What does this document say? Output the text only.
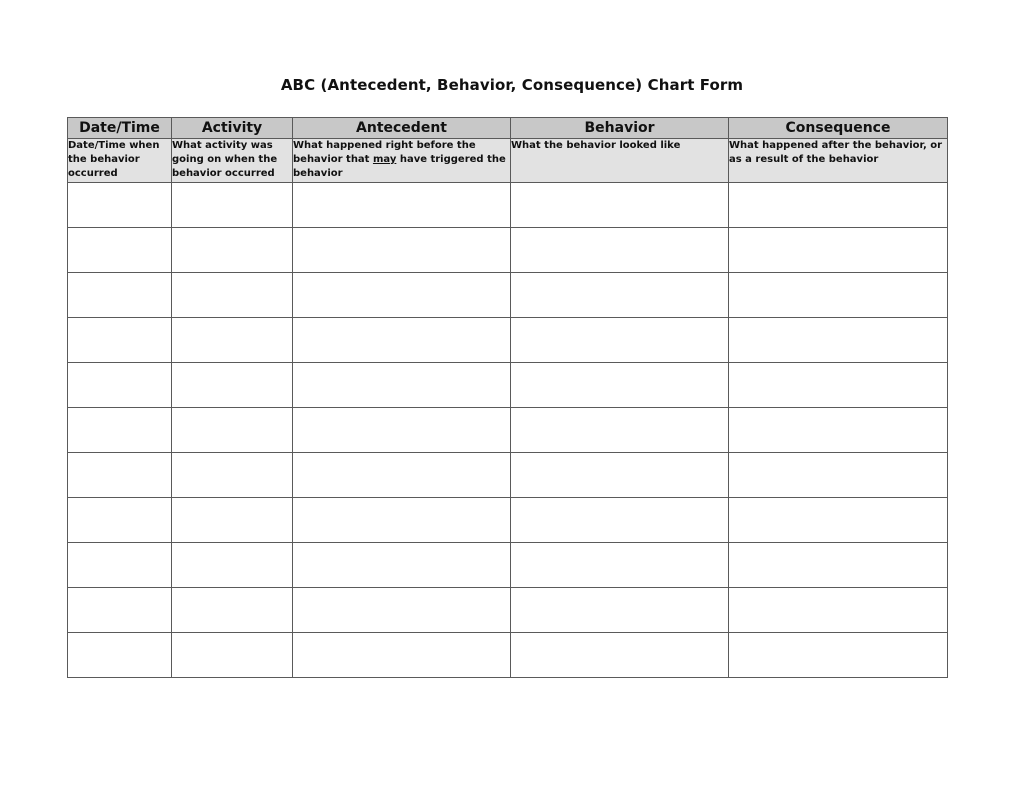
ABC (Antecedent, Behavior, Consequence) Chart Form
Date/Time	Activity	Antecedent	Behavior	Consequence
Date/Time when the behavior occurred	What activity was going on when the behavior occurred	What happened right before the behavior that may have triggered the behavior	What the behavior looked like	What happened after the behavior, or as a result of the behavior
